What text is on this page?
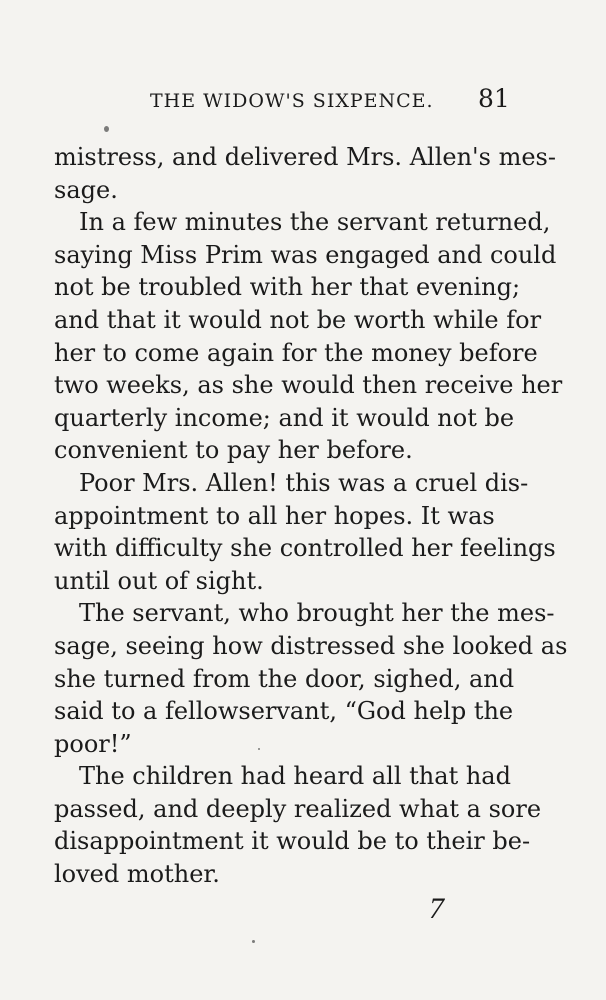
THE WIDOW'S SIXPENCE. 81

mistress, and delivered Mrs. Allen's mes-
sage.

In a few minutes the servant returned,
saying Miss Prim was engaged and could
not be troubled with her that evening;
and that it would not be worth while for
her to come again for the money before
two weeks, as she would then receive her
quarterly income; and it would not be
convenient to pay her before.

Poor Mrs. Allen! this was a cruel dis-
appointment to all her hopes. It was
with difficulty she controlled her feelings
until out of sight.

The servant, who brought her the mes-
sage, seeing how distressed she looked as
she turned from the door, sighed, and
said to a fellowservant, “God help the
poor!”

The children had heard all that had
passed, and deeply realized what a sore
disappointment it would be to their be-
loved mother.

7
